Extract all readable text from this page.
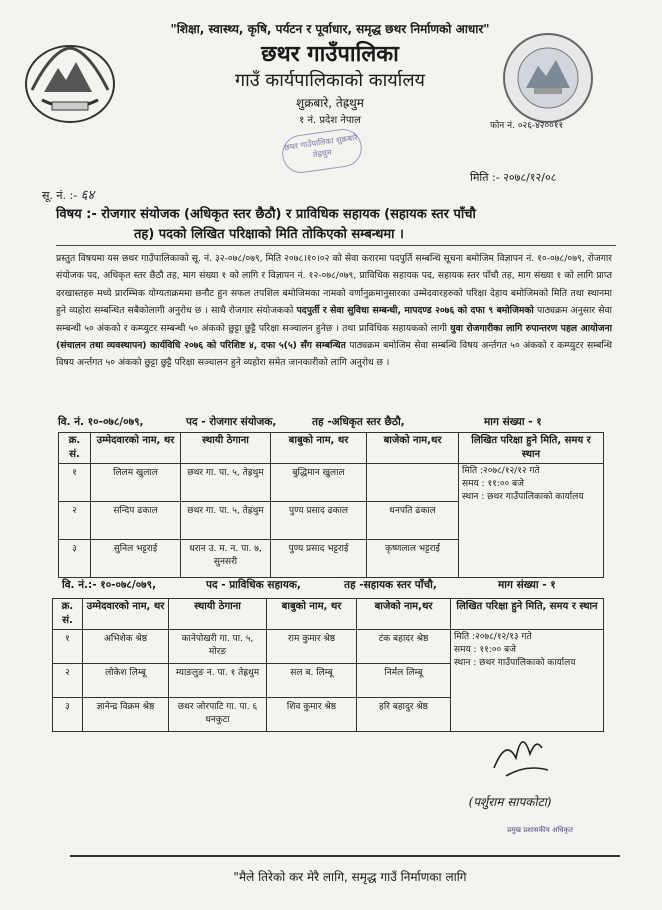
"शिक्षा, स्वास्थ्य, कृषि, पर्यटन र पूर्वाधार, समृद्ध छथर निर्माणको आधार"
छथर गाउँपालिका
गाउँ कार्यपालिकाको कार्यालय
शुक्रबारे, तेह्रथुम
१ नं. प्रदेश नेपाल	फोन नं. ०२६-४२००११
छथर गाउँपालिका शुक्रबारे तेह्रथुम
मिति :- २०७८/१२/०८
सू. नं. :- ६४
विषय :- रोजगार संयोजक (अधिकृत स्तर छैठौ) र प्राविधिक सहायक (सहायक स्तर पाँचौ
तह) पदको लिखित परिक्षाको मिति तोकिएको सम्बन्धमा ।
प्रस्तुत विषयमा यस छथर गाउँपालिकाको सू. नं. ३२-०७८/०७९, मिति २०७८।१०।०२ को सेवा करारमा पदपुर्ति सम्बन्धि सूचना बमोजिम विज्ञापन नं. १०-०७८/०७९, रोजगार संयोजक पद, अधिकृत स्तर छैठौ तह, माग संख्या १ को लागि र विज्ञापन नं. १२-०७८/०७९, प्राविधिक सहायक पद, सहायक स्तर पाँचौ तह, माग संख्या १ को लागि प्राप्त दरखास्तहरु मध्ये प्रारम्भिक योग्यताक्रममा छनौट हुन सफल तपशिल बमोजिमका नामको वर्णानुक्रमानुसारका उम्मेदवारहरुको परिक्षा देहाय बमोजिमको मिति तथा स्थानमा हुने व्यहोरा सम्बन्धित सबैकोलागी अनुरोध छ । साथै रोजगार संयोजकको पदपुर्ती र सेवा सुविधा सम्बन्धी, मापदण्ड २०७६ को दफा ९ बमोजिमको पाठ्यक्रम अनुसार सेवा सम्बन्धी ५० अंकको र कम्प्युटर सम्बन्धी ५० अंकको छुट्टा छुट्टै परिक्षा सञ्चालन हुनेछ । तथा प्राविधिक सहायकको लागी युवा रोजगारीका लागि रुपान्तरण पहल आयोजना (संचालन तथा व्यवस्थापन) कार्यविधि २०७६ को परिशिष्ट ४, दफा ५(५) सँग सम्बन्धित पाठ्यक्रम बमोजिम सेवा सम्बन्धि विषय अर्न्तगत ५० अंकको र कम्प्युटर सम्बन्धि विषय अर्न्तगत ५० अंकको छुट्टा छुट्टै परिक्षा सञ्चालन हुने व्यहोरा समेत जानकारीको लागि अनुरोध छ ।
वि. नं. १०-०७८/०७९,	पद - रोजगार संयोजक,	तह -अधिकृत स्तर छैठौ,	माग संख्या - १
क्र. सं.	उम्मेदवारको नाम, थर	स्थायी ठेगाना	बाबुको नाम, थर	बाजेको नाम,थर	लिखित परिक्षा हुने मिति, समय र स्थान
१	लिलम खुलाल	छथर गा. पा. ५, तेह्रथुम	बुद्धिमान खुलाल		मिति :२०७८/१२/१२ गते
समय : ११:०० बजे
स्थान : छथर गाउँपालिकाको कार्यालय

२	सन्दिप ढकाल	छथर गा. पा. ५, तेह्रथुम	पुण्य प्रसाद ढकाल	धनपति ढकाल	
३	सुनिल भट्टराई	धरान उ. म. न. पा. ७, सुनसरी	पुण्य प्रसाद भट्टराई	कृष्णलाल भट्टराई	
वि. नं.:- १०-०७८/०७९,	पद - प्राविधिक सहायक,	तह -सहायक स्तर पाँचौ,	माग संख्या - १
क्र. सं.	उम्मेदवारको नाम, थर	स्थायी ठेगाना	बाबुको नाम, थर	बाजेको नाम,थर	लिखित परिक्षा हुने मिति, समय र स्थान
१	अभिशेक श्रेष्ठ	कानेपोखरी गा. पा. ५, मोरङ	राम कुमार श्रेष्ठ	टंक बहादर श्रेष्ठ	मिति :२०७८/१२/१३ गते
समय : ११:०० बजे
स्थान : छथर गाउँपालिकाको कार्यालय

२	लोकेश लिम्बू	म्याङलुङ न. पा. १ तेह्रथुम	सल ब. लिम्बू	निर्मल लिम्बू	
३	ज्ञानेन्द्र विक्रम श्रेष्ठ	छथर जोरपाटि गा. पा. ६ धनकुटा	शिव कुमार श्रेष्ठ	हरि बहादुर श्रेष्ठ	
(पर्शुराम सापकोटा)
प्रमुख प्रशासकीय अधिकृत
"मैले तिरेको कर मेरै लागि, समृद्ध गाउँ निर्माणका लागि
